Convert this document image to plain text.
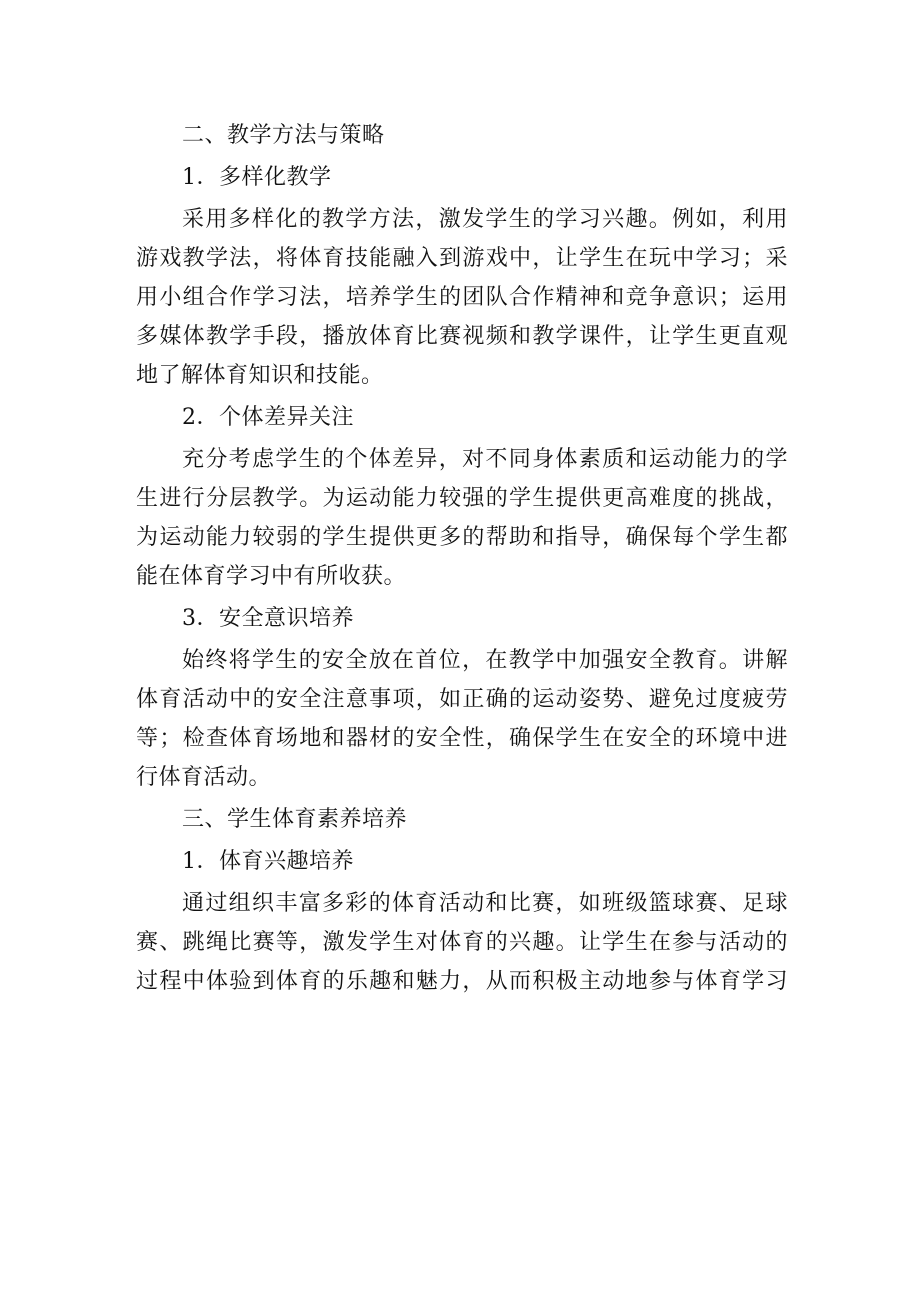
二、教学方法与策略
1．多样化教学
采用多样化的教学方法，激发学生的学习兴趣。例如，利用
游戏教学法，将体育技能融入到游戏中，让学生在玩中学习；采
用小组合作学习法，培养学生的团队合作精神和竞争意识；运用
多媒体教学手段，播放体育比赛视频和教学课件，让学生更直观
地了解体育知识和技能。
2．个体差异关注
充分考虑学生的个体差异，对不同身体素质和运动能力的学
生进行分层教学。为运动能力较强的学生提供更高难度的挑战，
为运动能力较弱的学生提供更多的帮助和指导，确保每个学生都
能在体育学习中有所收获。
3．安全意识培养
始终将学生的安全放在首位，在教学中加强安全教育。讲解
体育活动中的安全注意事项，如正确的运动姿势、避免过度疲劳
等；检查体育场地和器材的安全性，确保学生在安全的环境中进
行体育活动。
三、学生体育素养培养
1．体育兴趣培养
通过组织丰富多彩的体育活动和比赛，如班级篮球赛、足球
赛、跳绳比赛等，激发学生对体育的兴趣。让学生在参与活动的
过程中体验到体育的乐趣和魅力，从而积极主动地参与体育学习
